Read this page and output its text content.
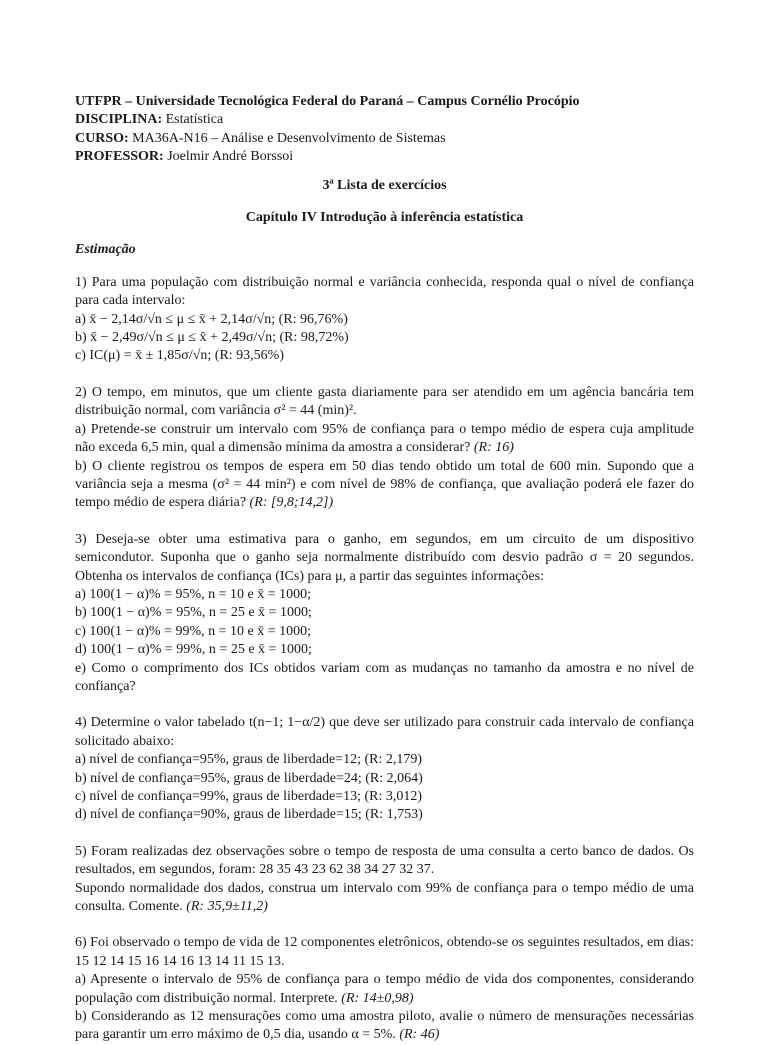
UTFPR – Universidade Tecnológica Federal do Paraná – Campus Cornélio Procópio

DISCIPLINA: Estatística

CURSO: MA36A-N16 – Análise e Desenvolvimento de Sistemas

PROFESSOR: Joelmir André Borssoi

3ª Lista de exercícios

Capítulo IV Introdução à inferência estatística

Estimação

1) Para uma população com distribuição normal e variância conhecida, responda qual o nível de confiança para cada intervalo:

a) x̄ − 2,14σ/√n ≤ μ ≤ x̄ + 2,14σ/√n; (R: 96,76%)

b) x̄ − 2,49σ/√n ≤ μ ≤ x̄ + 2,49σ/√n; (R: 98,72%)

c) IC(μ) = x̄ ± 1,85σ/√n; (R: 93,56%)

2) O tempo, em minutos, que um cliente gasta diariamente para ser atendido em um agência bancária tem distribuição normal, com variância σ² = 44 (min)².

a) Pretende-se construir um intervalo com 95% de confiança para o tempo médio de espera cuja amplitude não exceda 6,5 min, qual a dimensão mínima da amostra a considerar? (R: 16)

b) O cliente registrou os tempos de espera em 50 dias tendo obtido um total de 600 min. Supondo que a variância seja a mesma (σ² = 44 min²) e com nível de 98% de confiança, que avaliação poderá ele fazer do tempo médio de espera diária? (R: [9,8;14,2])

3) Deseja-se obter uma estimativa para o ganho, em segundos, em um circuito de um dispositivo semicondutor. Suponha que o ganho seja normalmente distribuído com desvio padrão σ = 20 segundos. Obtenha os intervalos de confiança (ICs) para μ, a partir das seguintes informações:

a) 100(1 − α)% = 95%, n = 10 e x̄ = 1000;

b) 100(1 − α)% = 95%, n = 25 e x̄ = 1000;

c) 100(1 − α)% = 99%, n = 10 e x̄ = 1000;

d) 100(1 − α)% = 99%, n = 25 e x̄ = 1000;

e) Como o comprimento dos ICs obtidos variam com as mudanças no tamanho da amostra e no nível de confiança?

4) Determine o valor tabelado t(n−1; 1−α/2) que deve ser utilizado para construir cada intervalo de confiança solicitado abaixo:

a) nível de confiança=95%, graus de liberdade=12; (R: 2,179)

b) nível de confiança=95%, graus de liberdade=24; (R: 2,064)

c) nível de confiança=99%, graus de liberdade=13; (R: 3,012)

d) nível de confiança=90%, graus de liberdade=15; (R: 1,753)

5) Foram realizadas dez observações sobre o tempo de resposta de uma consulta a certo banco de dados. Os resultados, em segundos, foram: 28 35 43 23 62 38 34 27 32 37.

Supondo normalidade dos dados, construa um intervalo com 99% de confiança para o tempo médio de uma consulta. Comente. (R: 35,9±11,2)

6) Foi observado o tempo de vida de 12 componentes eletrônicos, obtendo-se os seguintes resultados, em dias: 15 12 14 15 16 14 16 13 14 11 15 13.

a) Apresente o intervalo de 95% de confiança para o tempo médio de vida dos componentes, considerando população com distribuição normal. Interprete. (R: 14±0,98)

b) Considerando as 12 mensurações como uma amostra piloto, avalie o número de mensurações necessárias para garantir um erro máximo de 0,5 dia, usando α = 5%. (R: 46)
